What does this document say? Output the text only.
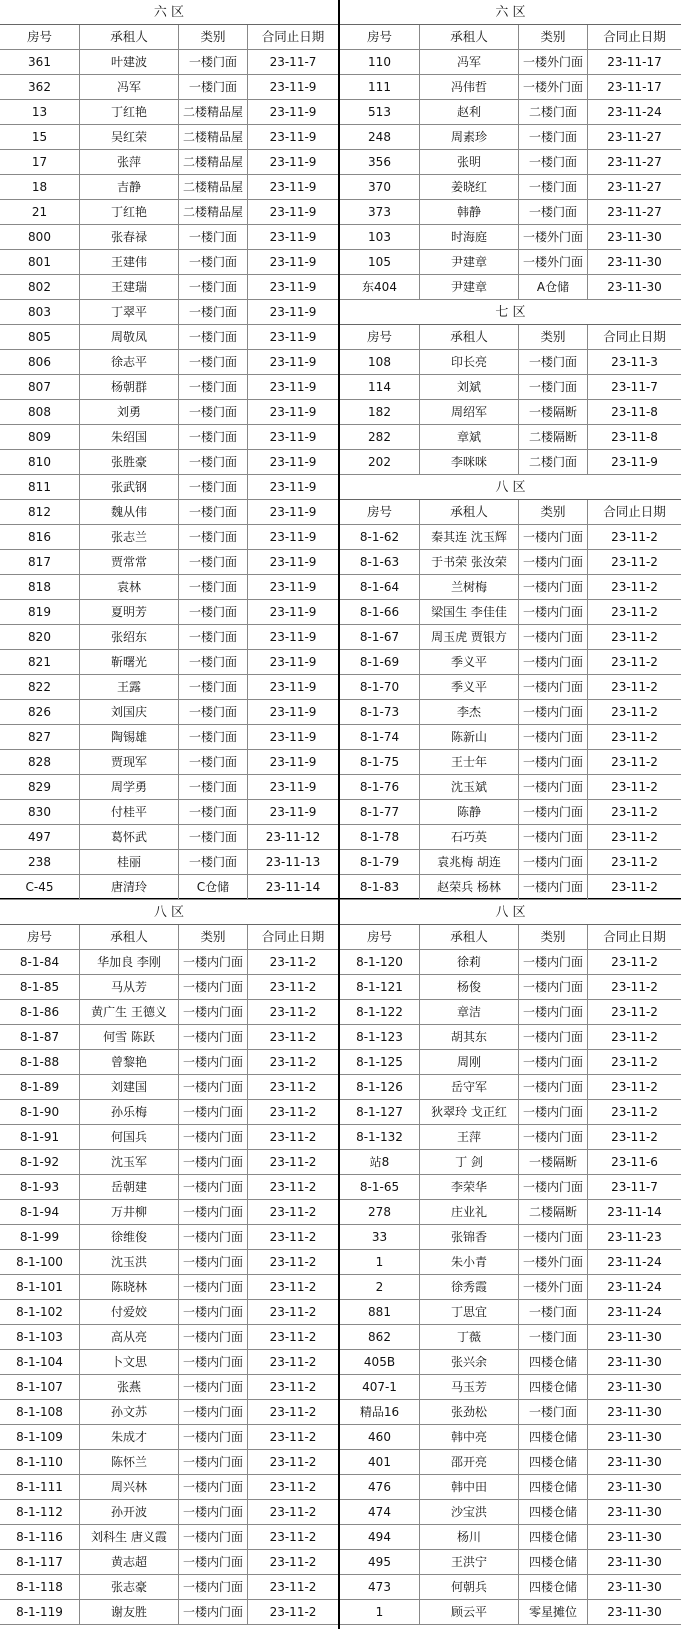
六 区
房号	承租人	类别	合同止日期
361	叶建波	一楼门面	23-11-7
362	冯军	一楼门面	23-11-9
13	丁红艳	二楼精品屋	23-11-9
15	吴红荣	二楼精品屋	23-11-9
17	张萍	二楼精品屋	23-11-9
18	吉静	二楼精品屋	23-11-9
21	丁红艳	二楼精品屋	23-11-9
800	张春禄	一楼门面	23-11-9
801	王建伟	一楼门面	23-11-9
802	王建瑞	一楼门面	23-11-9
803	丁翠平	一楼门面	23-11-9
805	周敬凤	一楼门面	23-11-9
806	徐志平	一楼门面	23-11-9
807	杨朝群	一楼门面	23-11-9
808	刘勇	一楼门面	23-11-9
809	朱绍国	一楼门面	23-11-9
810	张胜豪	一楼门面	23-11-9
811	张武钢	一楼门面	23-11-9
812	魏从伟	一楼门面	23-11-9
816	张志兰	一楼门面	23-11-9
817	贾常常	一楼门面	23-11-9
818	袁林	一楼门面	23-11-9
819	夏明芳	一楼门面	23-11-9
820	张绍东	一楼门面	23-11-9
821	靳曙光	一楼门面	23-11-9
822	王露	一楼门面	23-11-9
826	刘国庆	一楼门面	23-11-9
827	陶锡雄	一楼门面	23-11-9
828	贾现军	一楼门面	23-11-9
829	周学勇	一楼门面	23-11-9
830	付桂平	一楼门面	23-11-9
497	葛怀武	一楼门面	23-11-12
238	桂丽	一楼门面	23-11-13
C-45	唐清玲	C仓储	23-11-14
六 区
房号	承租人	类别	合同止日期
110	冯军	一楼外门面	23-11-17
111	冯伟哲	一楼外门面	23-11-17
513	赵利	二楼门面	23-11-24
248	周素珍	一楼门面	23-11-27
356	张明	一楼门面	23-11-27
370	姜晓红	一楼门面	23-11-27
373	韩静	一楼门面	23-11-27
103	时海庭	一楼外门面	23-11-30
105	尹建章	一楼外门面	23-11-30
东404	尹建章	A仓储	23-11-30
七 区
房号	承租人	类别	合同止日期
108	印长亮	一楼门面	23-11-3
114	刘斌	一楼门面	23-11-7
182	周绍军	一楼隔断	23-11-8
282	章斌	二楼隔断	23-11-8
202	李咪咪	二楼门面	23-11-9
八 区
房号	承租人	类别	合同止日期
8-1-62	秦其连 沈玉辉	一楼内门面	23-11-2
8-1-63	于书荣 张汝荣	一楼内门面	23-11-2
8-1-64	兰树梅	一楼内门面	23-11-2
8-1-66	梁国生 李佳佳	一楼内门面	23-11-2
8-1-67	周玉虎 贾银方	一楼内门面	23-11-2
8-1-69	季义平	一楼内门面	23-11-2
8-1-70	季义平	一楼内门面	23-11-2
8-1-73	李杰	一楼内门面	23-11-2
8-1-74	陈新山	一楼内门面	23-11-2
8-1-75	王士年	一楼内门面	23-11-2
8-1-76	沈玉斌	一楼内门面	23-11-2
8-1-77	陈静	一楼内门面	23-11-2
8-1-78	石巧英	一楼内门面	23-11-2
8-1-79	袁兆梅 胡连	一楼内门面	23-11-2
8-1-83	赵荣兵 杨林	一楼内门面	23-11-2
八 区
房号	承租人	类别	合同止日期
8-1-84	华加良 李刚	一楼内门面	23-11-2
8-1-85	马从芳	一楼内门面	23-11-2
8-1-86	黄广生 王德义	一楼内门面	23-11-2
8-1-87	何雪 陈跃	一楼内门面	23-11-2
8-1-88	曾黎艳	一楼内门面	23-11-2
8-1-89	刘建国	一楼内门面	23-11-2
8-1-90	孙乐梅	一楼内门面	23-11-2
8-1-91	何国兵	一楼内门面	23-11-2
8-1-92	沈玉军	一楼内门面	23-11-2
8-1-93	岳朝建	一楼内门面	23-11-2
8-1-94	万井柳	一楼内门面	23-11-2
8-1-99	徐维俊	一楼内门面	23-11-2
8-1-100	沈玉洪	一楼内门面	23-11-2
8-1-101	陈晓林	一楼内门面	23-11-2
8-1-102	付爱姣	一楼内门面	23-11-2
8-1-103	高从亮	一楼内门面	23-11-2
8-1-104	卜文思	一楼内门面	23-11-2
8-1-107	张燕	一楼内门面	23-11-2
8-1-108	孙文苏	一楼内门面	23-11-2
8-1-109	朱成才	一楼内门面	23-11-2
8-1-110	陈怀兰	一楼内门面	23-11-2
8-1-111	周兴林	一楼内门面	23-11-2
8-1-112	孙开波	一楼内门面	23-11-2
8-1-116	刘科生 唐义霞	一楼内门面	23-11-2
8-1-117	黄志超	一楼内门面	23-11-2
8-1-118	张志豪	一楼内门面	23-11-2
8-1-119	谢友胜	一楼内门面	23-11-2
八 区
房号	承租人	类别	合同止日期
8-1-120	徐莉	一楼内门面	23-11-2
8-1-121	杨俊	一楼内门面	23-11-2
8-1-122	章洁	一楼内门面	23-11-2
8-1-123	胡其东	一楼内门面	23-11-2
8-1-125	周刚	一楼内门面	23-11-2
8-1-126	岳守军	一楼内门面	23-11-2
8-1-127	狄翠玲 戈正红	一楼内门面	23-11-2
8-1-132	王萍	一楼内门面	23-11-2
站8	丁 剑	一楼隔断	23-11-6
8-1-65	李荣华	一楼内门面	23-11-7
278	庄业礼	二楼隔断	23-11-14
33	张锦香	一楼内门面	23-11-23
1	朱小青	一楼外门面	23-11-24
2	徐秀霞	一楼外门面	23-11-24
881	丁思宜	一楼门面	23-11-24
862	丁薇	一楼门面	23-11-30
405B	张兴余	四楼仓储	23-11-30
407-1	马玉芳	四楼仓储	23-11-30
精品16	张劲松	一楼门面	23-11-30
460	韩中亮	四楼仓储	23-11-30
401	邵开亮	四楼仓储	23-11-30
476	韩中田	四楼仓储	23-11-30
474	沙宝洪	四楼仓储	23-11-30
494	杨川	四楼仓储	23-11-30
495	王洪宁	四楼仓储	23-11-30
473	何朝兵	四楼仓储	23-11-30
1	顾云平	零星摊位	23-11-30
